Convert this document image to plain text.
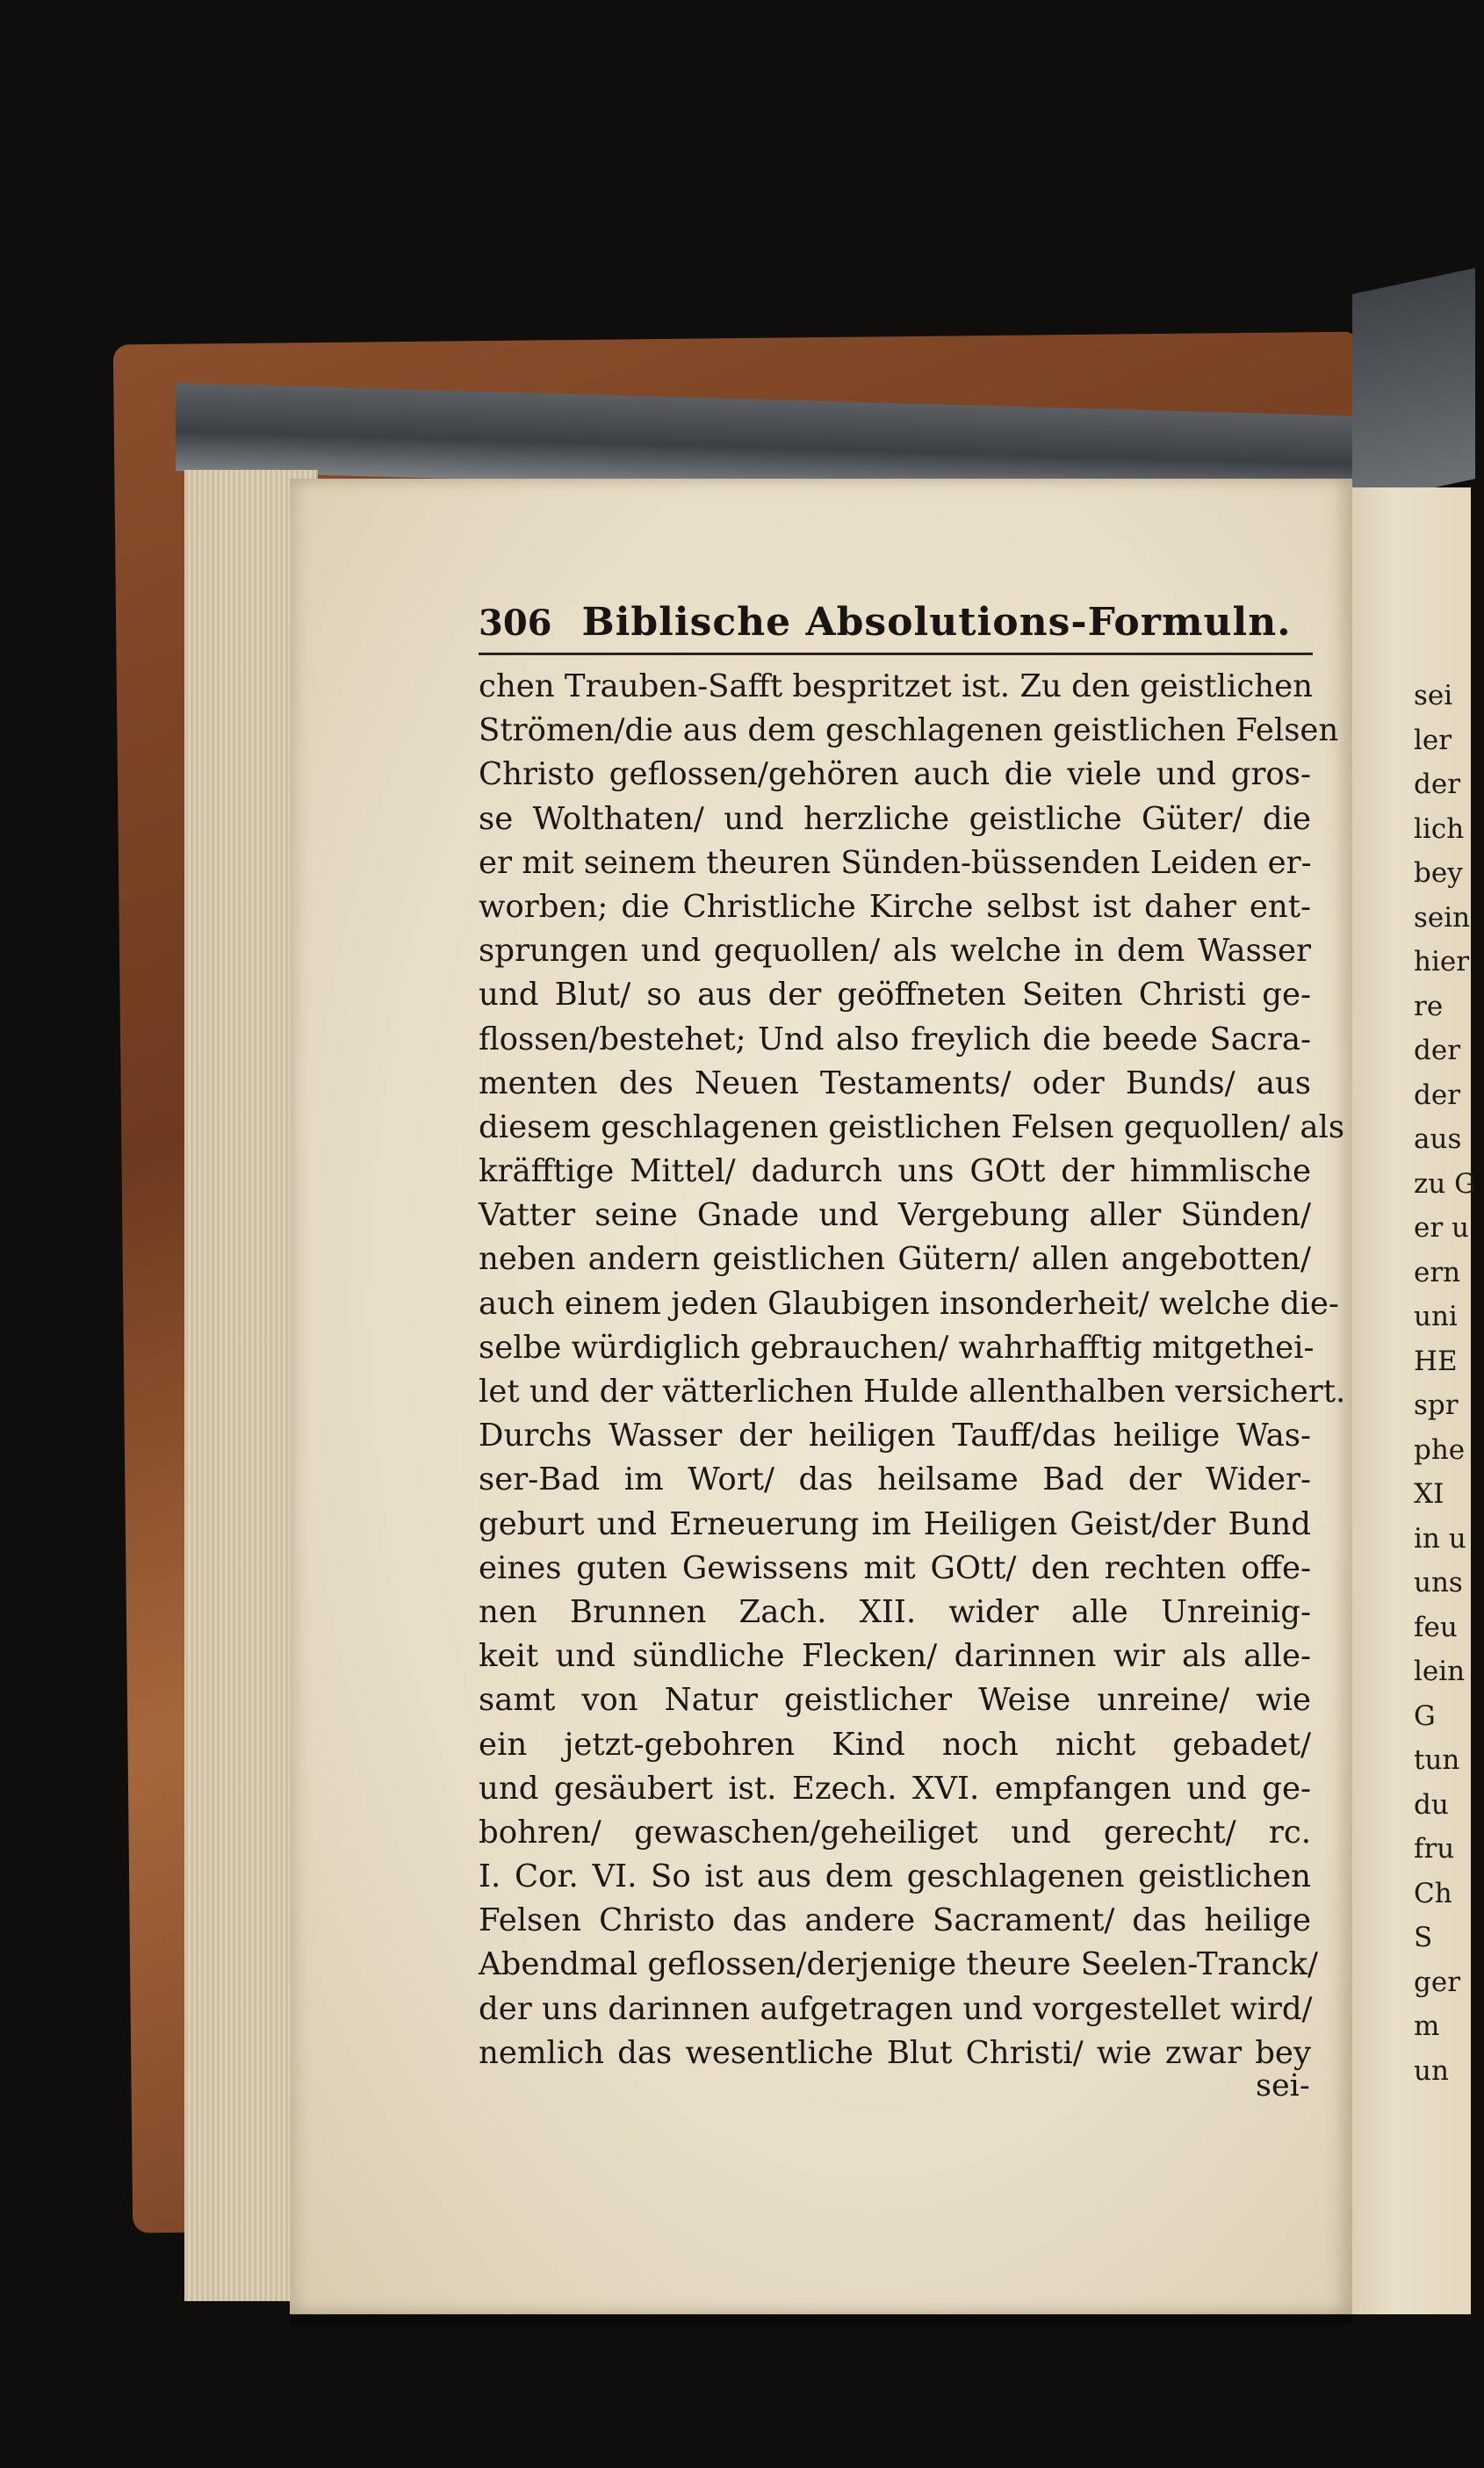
sei
ler
der
lich
bey
sein
hier
re
der
der
aus
zu G
er u
ern
uni
HE
spr
phe
XI
in u
uns
feu
lein
G
tun
du
fru
Ch
S
ger
m
un
306 Biblische Absolutions-Formuln.
chen Trauben-Safft bespritzet ist. Zu den geistlichen
Strömen/die aus dem geschlagenen geistlichen Felsen
Christo geflossen/gehören auch die viele und gros-
se Wolthaten/ und herzliche geistliche Güter/ die
er mit seinem theuren Sünden-büssenden Leiden er-
worben; die Christliche Kirche selbst ist daher ent-
sprungen und gequollen/ als welche in dem Wasser
und Blut/ so aus der geöffneten Seiten Christi ge-
flossen/bestehet; Und also freylich die beede Sacra-
menten des Neuen Testaments/ oder Bunds/ aus
diesem geschlagenen geistlichen Felsen gequollen/ als
kräfftige Mittel/ dadurch uns GOtt der himmlische
Vatter seine Gnade und Vergebung aller Sünden/
neben andern geistlichen Gütern/ allen angebotten/
auch einem jeden Glaubigen insonderheit/ welche die-
selbe würdiglich gebrauchen/ wahrhafftig mitgethei-
let und der vätterlichen Hulde allenthalben versichert.
Durchs Wasser der heiligen Tauff/das heilige Was-
ser-Bad im Wort/ das heilsame Bad der Wider-
geburt und Erneuerung im Heiligen Geist/der Bund
eines guten Gewissens mit GOtt/ den rechten offe-
nen Brunnen Zach. XII. wider alle Unreinig-
keit und sündliche Flecken/ darinnen wir als alle-
samt von Natur geistlicher Weise unreine/ wie
ein jetzt-gebohren Kind noch nicht gebadet/
und gesäubert ist. Ezech. XVI. empfangen und ge-
bohren/ gewaschen/geheiliget und gerecht/ rc.
I. Cor. VI. So ist aus dem geschlagenen geistlichen
Felsen Christo das andere Sacrament/ das heilige
Abendmal geflossen/derjenige theure Seelen-Tranck/
der uns darinnen aufgetragen und vorgestellet wird/
nemlich das wesentliche Blut Christi/ wie zwar bey
sei-
